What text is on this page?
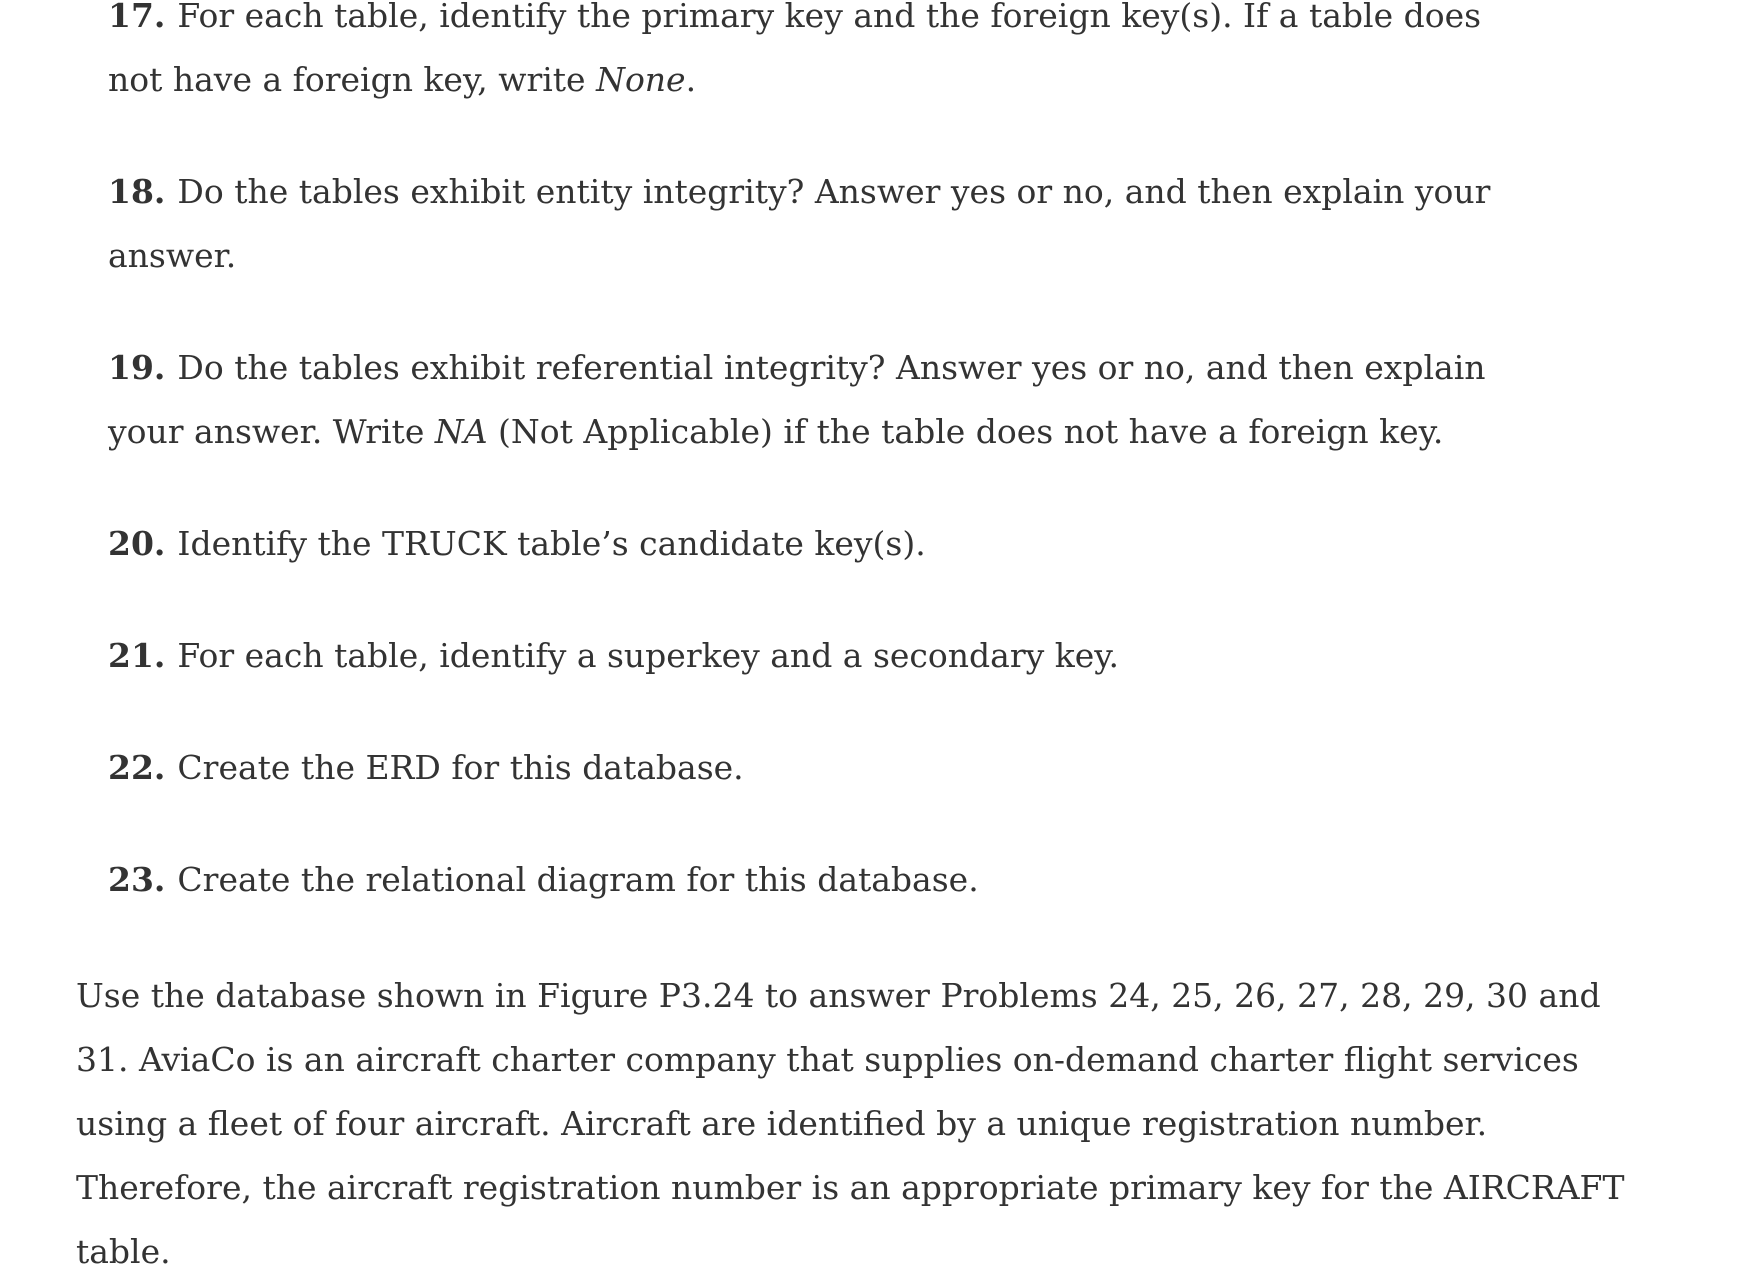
17. For each table, identify the primary key and the foreign key(s). If a table does not have a foreign key, write None.
18. Do the tables exhibit entity integrity? Answer yes or no, and then explain your answer.
19. Do the tables exhibit referential integrity? Answer yes or no, and then explain your answer. Write NA (Not Applicable) if the table does not have a foreign key.
20. Identify the TRUCK table’s candidate key(s).
21. For each table, identify a superkey and a secondary key.
22. Create the ERD for this database.
23. Create the relational diagram for this database.
Use the database shown in Figure P3.24 to answer Problems 24, 25, 26, 27, 28, 29, 30 and 31. AviaCo is an aircraft charter company that supplies on-demand charter flight services using a fleet of four aircraft. Aircraft are identified by a unique registration number. Therefore, the aircraft registration number is an appropriate primary key for the AIRCRAFT table.
